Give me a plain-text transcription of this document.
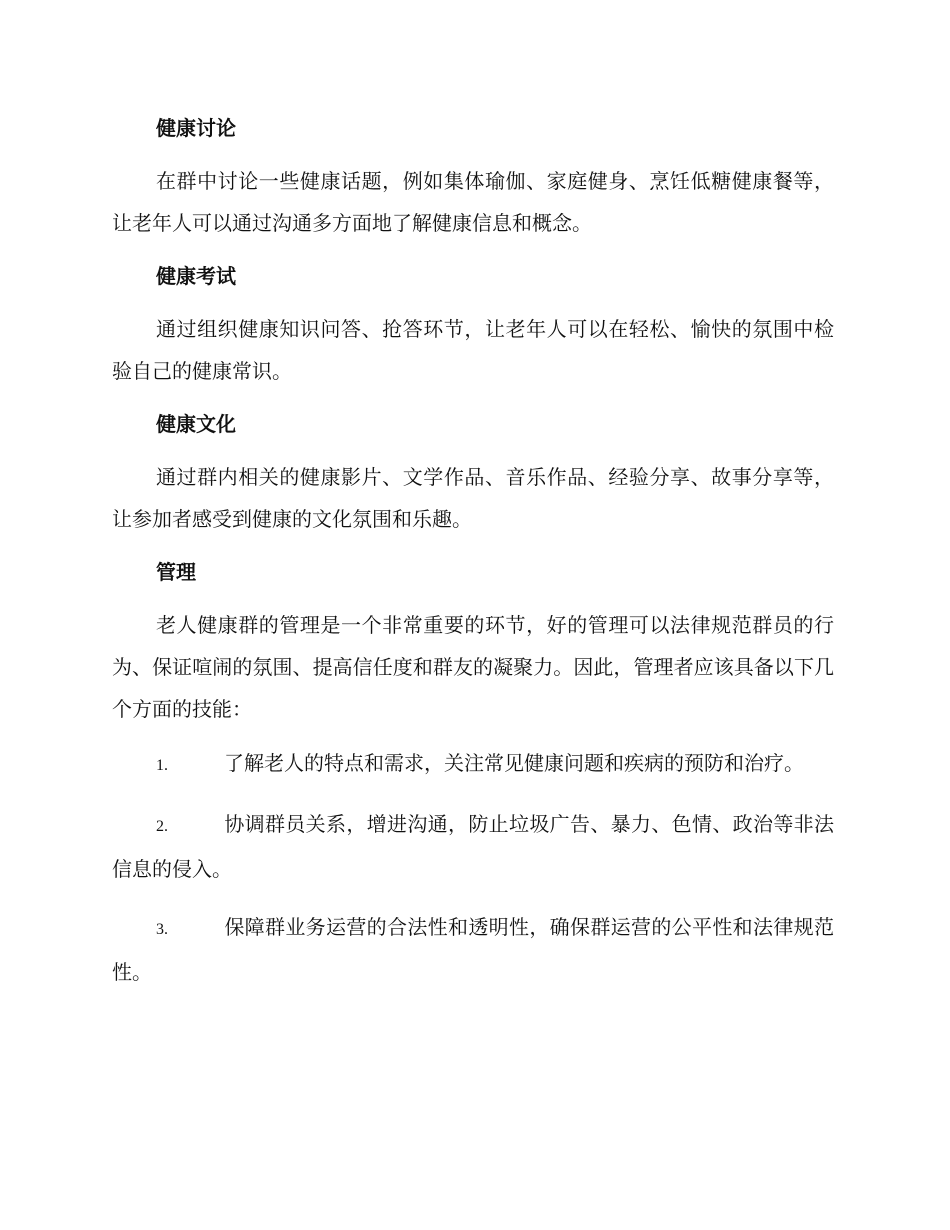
健康讨论

在群中讨论一些健康话题，例如集体瑜伽、家庭健身、烹饪低糖健康餐等，让老年人可以通过沟通多方面地了解健康信息和概念。

健康考试

通过组织健康知识问答、抢答环节，让老年人可以在轻松、愉快的氛围中检验自己的健康常识。

健康文化

通过群内相关的健康影片、文学作品、音乐作品、经验分享、故事分享等，让参加者感受到健康的文化氛围和乐趣。

管理

老人健康群的管理是一个非常重要的环节，好的管理可以法律规范群员的行为、保证喧闹的氛围、提高信任度和群友的凝聚力。因此，管理者应该具备以下几个方面的技能：

1.	了解老人的特点和需求，关注常见健康问题和疾病的预防和治疗。

2.	协调群员关系，增进沟通，防止垃圾广告、暴力、色情、政治等非法信息的侵入。

3.	保障群业务运营的合法性和透明性，确保群运营的公平性和法律规范性。
